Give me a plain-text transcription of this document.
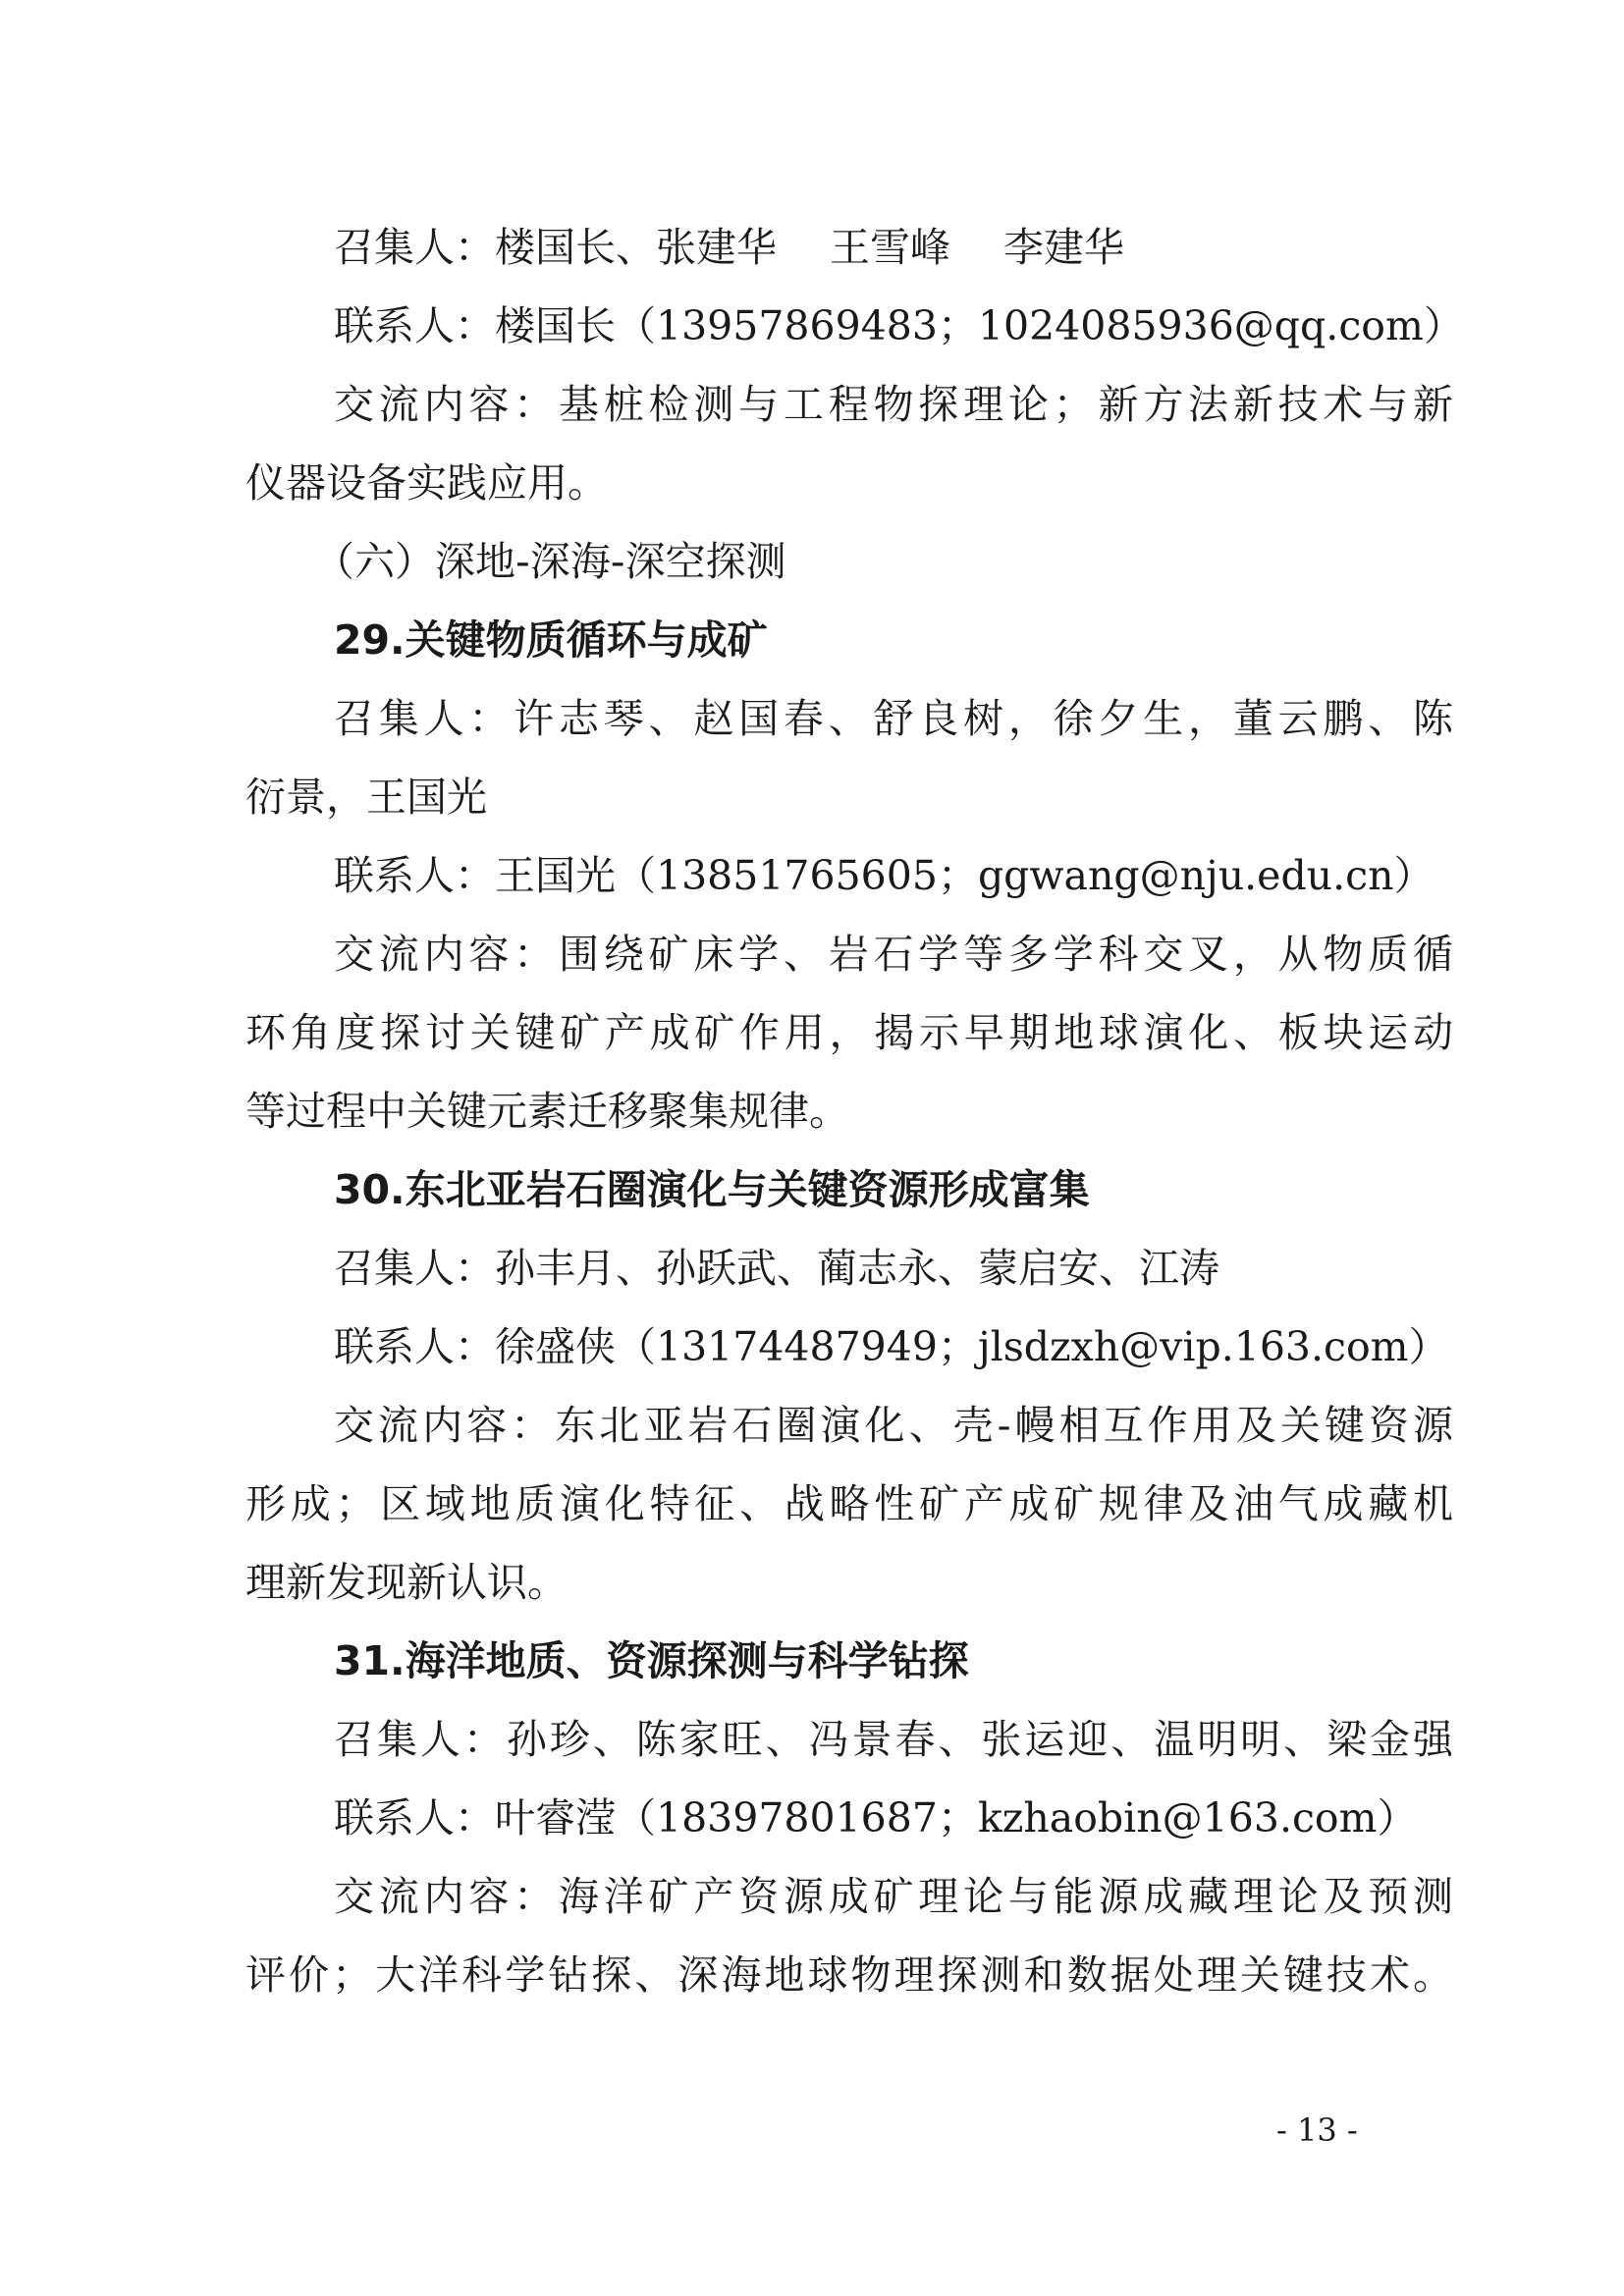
召集人：楼国长、张建华 王雪峰 李建华
联系人：楼国长（13957869483；1024085936@qq.com）
交流内容：基桩检测与工程物探理论；新方法新技术与新
仪器设备实践应用。
（六）深地-深海-深空探测
29.关键物质循环与成矿
召集人：许志琴、赵国春、舒良树，徐夕生，董云鹏、陈
衍景，王国光
联系人：王国光（13851765605；ggwang@nju.edu.cn）
交流内容：围绕矿床学、岩石学等多学科交叉，从物质循
环角度探讨关键矿产成矿作用，揭示早期地球演化、板块运动
等过程中关键元素迁移聚集规律。
30.东北亚岩石圈演化与关键资源形成富集
召集人：孙丰月、孙跃武、蔺志永、蒙启安、江涛
联系人：徐盛侠（13174487949；jlsdzxh@vip.163.com）
交流内容：东北亚岩石圈演化、壳-幔相互作用及关键资源
形成；区域地质演化特征、战略性矿产成矿规律及油气成藏机
理新发现新认识。
31.海洋地质、资源探测与科学钻探
召集人：孙珍、陈家旺、冯景春、张运迎、温明明、梁金强
联系人：叶睿滢（18397801687；kzhaobin@163.com）
交流内容：海洋矿产资源成矿理论与能源成藏理论及预测
评价；大洋科学钻探、深海地球物理探测和数据处理关键技术。
- 13 -
